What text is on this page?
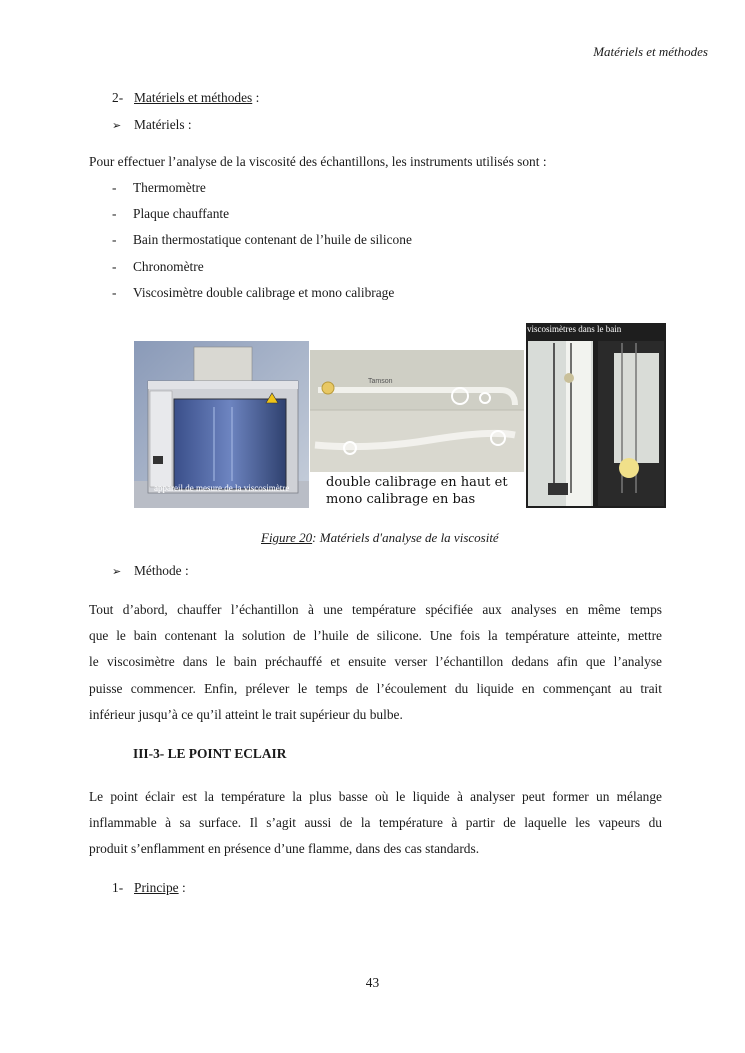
Matériels et méthodes
2- Matériels et méthodes :
➢ Matériels :
Pour effectuer l’analyse de la viscosité des échantillons, les instruments utilisés sont :
- Thermomètre
- Plaque chauffante
- Bain thermostatique contenant de l’huile de silicone
- Chronomètre
- Viscosimètre double calibrage et mono calibrage
appareil de mesure de la viscosimètre
Tamson
double calibrage en haut et
mono calibrage en bas
viscosimètres dans le bain
Figure 20: Matériels d'analyse de la viscosité
➢ Méthode :
Tout d’abord, chauffer l’échantillon à une température spécifiée aux analyses en même temps
que le bain contenant la solution de l’huile de silicone. Une fois la température atteinte, mettre
le viscosimètre dans le bain préchauffé et ensuite verser l’échantillon dedans afin que l’analyse
puisse commencer. Enfin, prélever le temps de l’écoulement du liquide en commençant au trait
inférieur jusqu’à ce qu’il atteint le trait supérieur du bulbe.
III-3- LE POINT ECLAIR
Le point éclair est la température la plus basse où le liquide à analyser peut former un mélange
inflammable à sa surface. Il s’agit aussi de la température à partir de laquelle les vapeurs du
produit s’enflamment en présence d’une flamme, dans des cas standards.
1- Principe :
43
